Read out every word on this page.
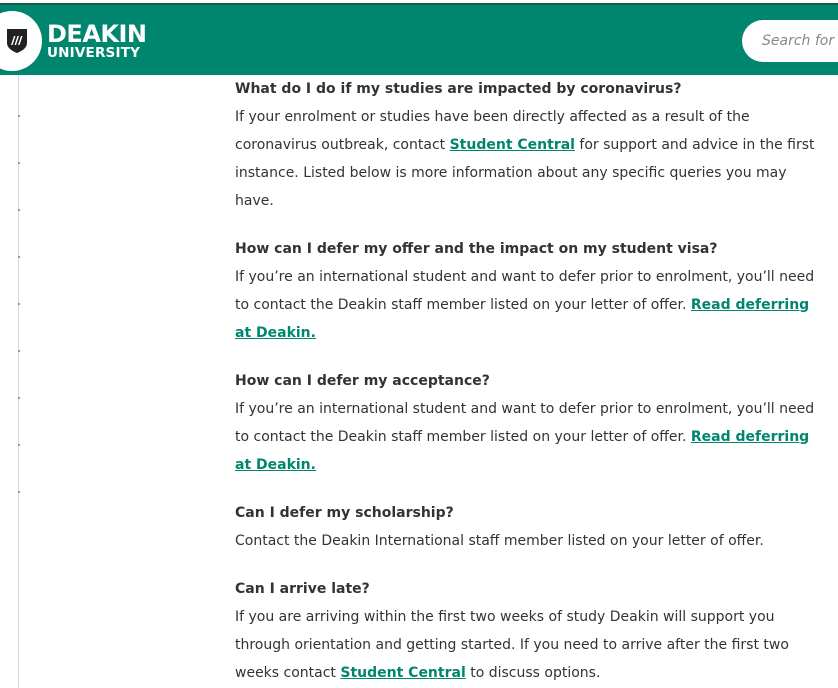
DEAKIN
UNIVERSITY
Search for
What do I do if my studies are impacted by coronavirus?

If your enrolment or studies have been directly affected as a result of the coronavirus outbreak, contact Student Central for support and advice in the first instance. Listed below is more information about any specific queries you may have.

How can I defer my offer and the impact on my student visa?

If you’re an international student and want to defer prior to enrolment, you’ll need to contact the Deakin staff member listed on your letter of offer. Read deferring at Deakin.

How can I defer my acceptance?

If you’re an international student and want to defer prior to enrolment, you’ll need to contact the Deakin staff member listed on your letter of offer. Read deferring at Deakin.

Can I defer my scholarship?

Contact the Deakin International staff member listed on your letter of offer.

Can I arrive late?

If you are arriving within the first two weeks of study Deakin will support you through orientation and getting started. If you need to arrive after the first two weeks contact Student Central to discuss options.
